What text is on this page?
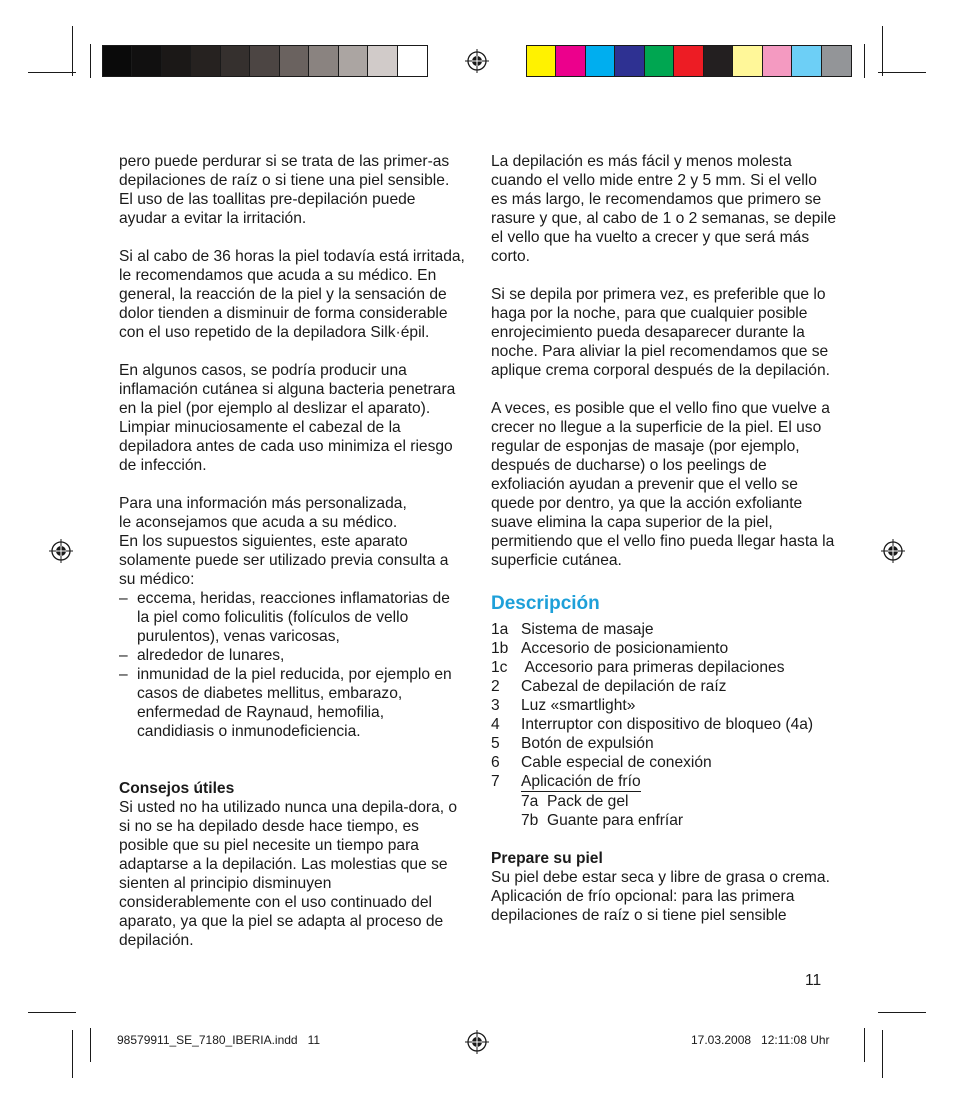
pero puede perdurar si se trata de las primer-as depilaciones de raíz o si tiene una piel sensible. El uso de las toallitas pre-depilación puede ayudar a evitar la irritación.

Si al cabo de 36 horas la piel todavía está irritada, le recomendamos que acuda a su médico. En general, la reacción de la piel y la sensación de dolor tienden a disminuir de forma considerable con el uso repetido de la depiladora Silk·épil.

En algunos casos, se podría producir una inflamación cutánea si alguna bacteria penetrara en la piel (por ejemplo al deslizar el aparato). Limpiar minuciosamente el cabezal de la depiladora antes de cada uso minimiza el riesgo de infección.

Para una información más personalizada,

le aconsejamos que acuda a su médico.

En los supuestos siguientes, este aparato solamente puede ser utilizado previa consulta a su médico:

– eccema, heridas, reacciones inflamatorias de la piel como foliculitis (folículos de vello purulentos), venas varicosas,
– alrededor de lunares,
– inmunidad de la piel reducida, por ejemplo en casos de diabetes mellitus, embarazo, enfermedad de Raynaud, hemofilia, candidiasis o inmunodeficiencia.

Consejos útiles

Si usted no ha utilizado nunca una depila-dora, o si no se ha depilado desde hace tiempo, es posible que su piel necesite un tiempo para adaptarse a la depilación. Las molestias que se sienten al principio disminuyen considerablemente con el uso continuado del aparato, ya que la piel se adapta al proceso de depilación.

La depilación es más fácil y menos molesta cuando el vello mide entre 2 y 5 mm. Si el vello es más largo, le recomendamos que primero se rasure y que, al cabo de 1 o 2 semanas, se depile el vello que ha vuelto a crecer y que será más corto.

Si se depila por primera vez, es preferible que lo haga por la noche, para que cualquier posible enrojecimiento pueda desaparecer durante la noche. Para aliviar la piel recomendamos que se aplique crema corporal después de la depilación.

A veces, es posible que el vello fino que vuelve a crecer no llegue a la superficie de la piel. El uso regular de esponjas de masaje (por ejemplo, después de ducharse) o los peelings de exfoliación ayudan a prevenir que el vello se quede por dentro, ya que la acción exfoliante suave elimina la capa superior de la piel, permitiendo que el vello fino pueda llegar hasta la superficie cutánea.

Descripción
1a Sistema de masaje
1b Accesorio de posicionamiento
1c Accesorio para primeras depilaciones
2	Cabezal de depilación de raíz
3	Luz «smartlight»
4	Interruptor con dispositivo de bloqueo (4a)
5	Botón de expulsión
6	Cable especial de conexión
7	Aplicación de frío
7a  Pack de gel
7b  Guante para enfríar

Prepare su piel

Su piel debe estar seca y libre de grasa o crema.

Aplicación de frío opcional: para las primera depilaciones de raíz o si tiene piel sensible

11
98579911_SE_7180_IBERIA.indd   11	17.03.2008   12:11:08 Uhr
